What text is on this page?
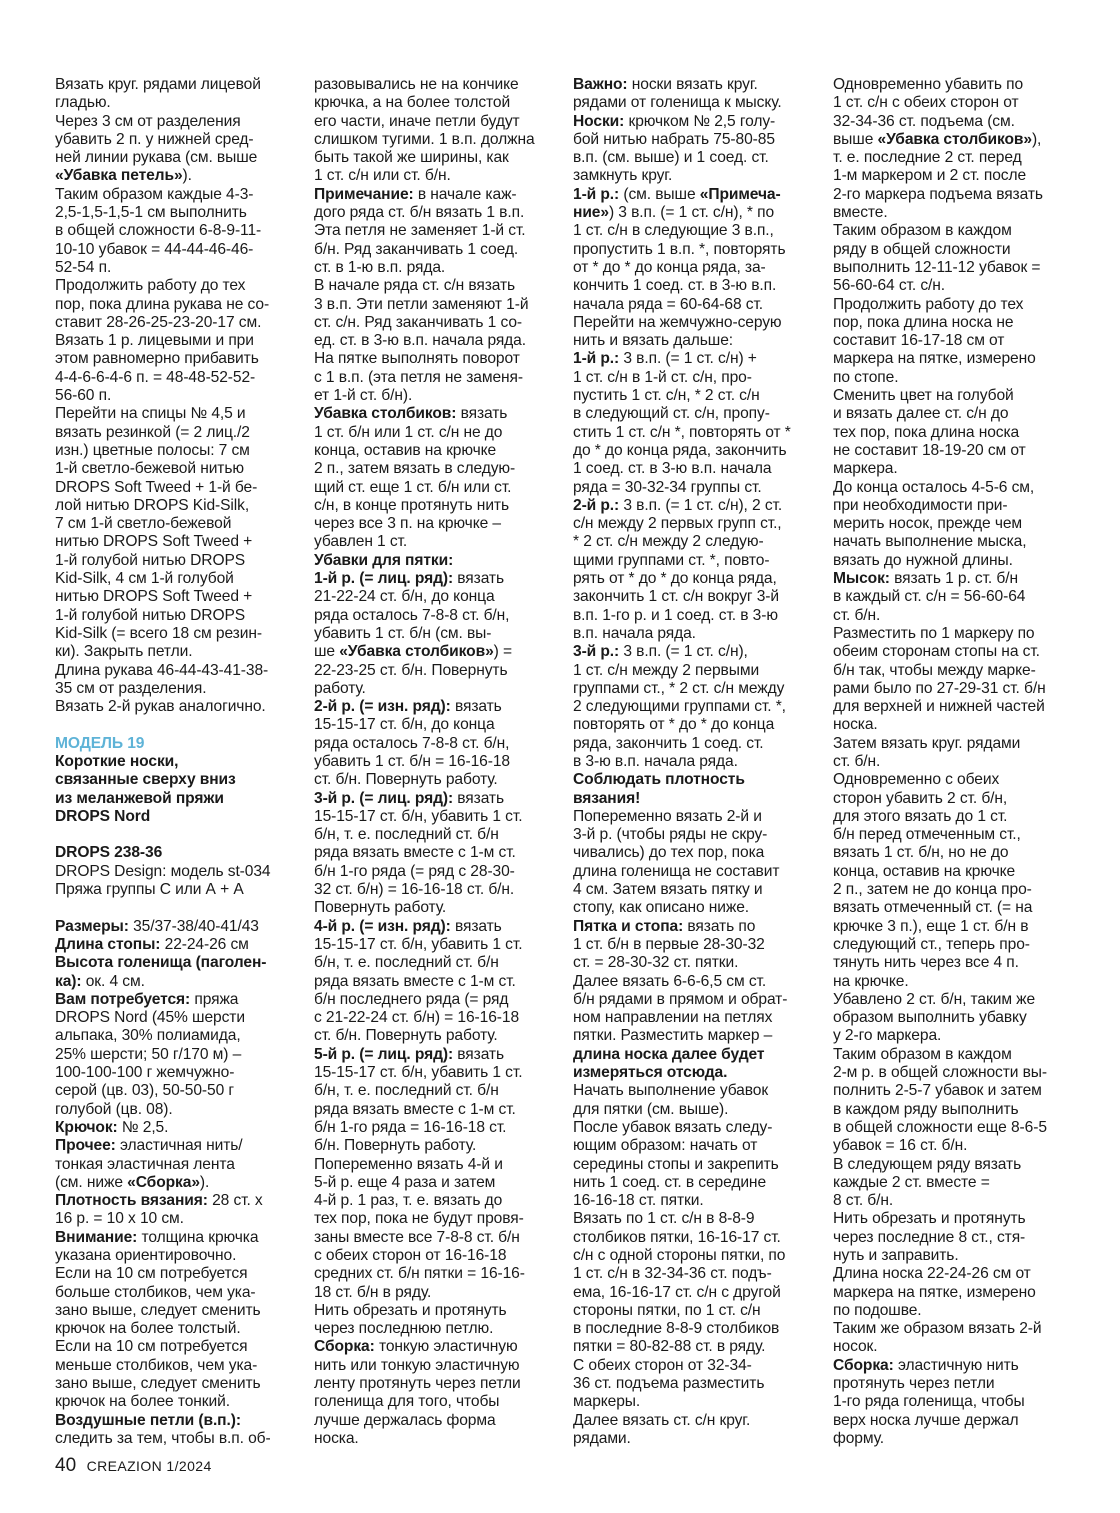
Вязать круг. рядами лицевой
гладью.
Через 3 см от разделения
убавить 2 п. у нижней сред-
ней линии рукава (см. выше
«Убавка петель»).
Таким образом каждые 4-3-
2,5-1,5-1,5-1 см выполнить
в общей сложности 6-8-9-11-
10-10 убавок = 44-44-46-46-
52-54 п.
Продолжить работу до тех
пор, пока длина рукава не со-
ставит 28-26-25-23-20-17 см.
Вязать 1 р. лицевыми и при
этом равномерно прибавить
4-4-6-6-4-6 п. = 48-48-52-52-
56-60 п.
Перейти на спицы № 4,5 и
вязать резинкой (= 2 лиц./2
изн.) цветные полосы: 7 см
1-й светло-бежевой нитью
DROPS Soft Tweed + 1-й бе-
лой нитью DROPS Kid-Silk,
7 см 1-й светло-бежевой
нитью DROPS Soft Tweed +
1-й голубой нитью DROPS
Kid-Silk, 4 см 1-й голубой
нитью DROPS Soft Tweed +
1-й голубой нитью DROPS
Kid-Silk (= всего 18 см резин-
ки). Закрыть петли.
Длина рукава 46-44-43-41-38-
35 см от разделения.
Вязать 2-й рукав аналогично.
МОДЕЛЬ 19
Короткие носки,
связанные сверху вниз
из меланжевой пряжи
DROPS Nord
DROPS 238-36
DROPS Design: модель st-034
Пряжа группы С или А + А
Размеры: 35/37-38/40-41/43
Длина стопы: 22-24-26 см
Высота голенища (паголен-
ка): ок. 4 см.
Вам потребуется: пряжа
DROPS Nord (45% шерсти
альпака, 30% полиамида,
25% шерсти; 50 г/170 м) –
100-100-100 г жемчужно-
серой (цв. 03), 50-50-50 г
голубой (цв. 08).
Крючок: № 2,5.
Прочее: эластичная нить/
тонкая эластичная лента
(см. ниже «Сборка»).
Плотность вязания: 28 ст. х
16 р. = 10 х 10 см.
Внимание: толщина крючка
указана ориентировочно.
Если на 10 см потребуется
больше столбиков, чем ука-
зано выше, следует сменить
крючок на более толстый.
Если на 10 см потребуется
меньше столбиков, чем ука-
зано выше, следует сменить
крючок на более тонкий.
Воздушные петли (в.п.):
следить за тем, чтобы в.п. об-
разовывались не на кончике
крючка, а на более толстой
его части, иначе петли будут
слишком тугими. 1 в.п. должна
быть такой же ширины, как
1 ст. с/н или ст. б/н.
Примечание: в начале каж-
дого ряда ст. б/н вязать 1 в.п.
Эта петля не заменяет 1-й ст.
б/н. Ряд заканчивать 1 соед.
ст. в 1-ю в.п. ряда.
В начале ряда ст. с/н вязать
3 в.п. Эти петли заменяют 1-й
ст. с/н. Ряд заканчивать 1 со-
ед. ст. в 3-ю в.п. начала ряда.
На пятке выполнять поворот
с 1 в.п. (эта петля не заменя-
ет 1-й ст. б/н).
Убавка столбиков: вязать
1 ст. б/н или 1 ст. с/н не до
конца, оставив на крючке
2 п., затем вязать в следую-
щий ст. еще 1 ст. б/н или ст.
с/н, в конце протянуть нить
через все 3 п. на крючке –
убавлен 1 ст.
Убавки для пятки:
1-й р. (= лиц. ряд): вязать
21-22-24 ст. б/н, до конца
ряда осталось 7-8-8 ст. б/н,
убавить 1 ст. б/н (см. вы-
ше «Убавка столбиков») =
22-23-25 ст. б/н. Повернуть
работу.
2-й р. (= изн. ряд): вязать
15-15-17 ст. б/н, до конца
ряда осталось 7-8-8 ст. б/н,
убавить 1 ст. б/н = 16-16-18
ст. б/н. Повернуть работу.
3-й р. (= лиц. ряд): вязать
15-15-17 ст. б/н, убавить 1 ст.
б/н, т. е. последний ст. б/н
ряда вязать вместе с 1-м ст.
б/н 1-го ряда (= ряд с 28-30-
32 ст. б/н) = 16-16-18 ст. б/н.
Повернуть работу.
4-й р. (= изн. ряд): вязать
15-15-17 ст. б/н, убавить 1 ст.
б/н, т. е. последний ст. б/н
ряда вязать вместе с 1-м ст.
б/н последнего ряда (= ряд
с 21-22-24 ст. б/н) = 16-16-18
ст. б/н. Повернуть работу.
5-й р. (= лиц. ряд): вязать
15-15-17 ст. б/н, убавить 1 ст.
б/н, т. е. последний ст. б/н
ряда вязать вместе с 1-м ст.
б/н 1-го ряда = 16-16-18 ст.
б/н. Повернуть работу.
Попеременно вязать 4-й и
5-й р. еще 4 раза и затем
4-й р. 1 раз, т. е. вязать до
тех пор, пока не будут провя-
заны вместе все 7-8-8 ст. б/н
с обеих сторон от 16-16-18
средних ст. б/н пятки = 16-16-
18 ст. б/н в ряду.
Нить обрезать и протянуть
через последнюю петлю.
Сборка: тонкую эластичную
нить или тонкую эластичную
ленту протянуть через петли
голенища для того, чтобы
лучше держалась форма
носка.
Важно: носки вязать круг.
рядами от голенища к мыску.
Носки: крючком № 2,5 голу-
бой нитью набрать 75-80-85
в.п. (см. выше) и 1 соед. ст.
замкнуть круг.
1-й р.: (см. выше «Примеча-
ние») 3 в.п. (= 1 ст. с/н), * по
1 ст. с/н в следующие 3 в.п.,
пропустить 1 в.п. *, повторять
от * до * до конца ряда, за-
кончить 1 соед. ст. в 3-ю в.п.
начала ряда = 60-64-68 ст.
Перейти на жемчужно-серую
нить и вязать дальше:
1-й р.: 3 в.п. (= 1 ст. с/н) +
1 ст. с/н в 1-й ст. с/н, про-
пустить 1 ст. с/н, * 2 ст. с/н
в следующий ст. с/н, пропу-
стить 1 ст. с/н *, повторять от *
до * до конца ряда, закончить
1 соед. ст. в 3-ю в.п. начала
ряда = 30-32-34 группы ст.
2-й р.: 3 в.п. (= 1 ст. с/н), 2 ст.
с/н между 2 первых групп ст.,
* 2 ст. с/н между 2 следую-
щими группами ст. *, повто-
рять от * до * до конца ряда,
закончить 1 ст. с/н вокруг 3-й
в.п. 1-го р. и 1 соед. ст. в 3-ю
в.п. начала ряда.
3-й р.: 3 в.п. (= 1 ст. с/н),
1 ст. с/н между 2 первыми
группами ст., * 2 ст. с/н между
2 следующими группами ст. *,
повторять от * до * до конца
ряда, закончить 1 соед. ст.
в 3-ю в.п. начала ряда.
Соблюдать плотность
вязания!
Попеременно вязать 2-й и
3-й р. (чтобы ряды не скру-
чивались) до тех пор, пока
длина голенища не составит
4 см. Затем вязать пятку и
стопу, как описано ниже.
Пятка и стопа: вязать по
1 ст. б/н в первые 28-30-32
ст. = 28-30-32 ст. пятки.
Далее вязать 6-6-6,5 см ст.
б/н рядами в прямом и обрат-
ном направлении на петлях
пятки. Разместить маркер –
длина носка далее будет
измеряться отсюда.
Начать выполнение убавок
для пятки (см. выше).
После убавок вязать следу-
ющим образом: начать от
середины стопы и закрепить
нить 1 соед. ст. в середине
16-16-18 ст. пятки.
Вязать по 1 ст. с/н в 8-8-9
столбиков пятки, 16-16-17 ст.
с/н с одной стороны пятки, по
1 ст. с/н в 32-34-36 ст. подъ-
ема, 16-16-17 ст. с/н с другой
стороны пятки, по 1 ст. с/н
в последние 8-8-9 столбиков
пятки = 80-82-88 ст. в ряду.
С обеих сторон от 32-34-
36 ст. подъема разместить
маркеры.
Далее вязать ст. с/н круг.
рядами.
Одновременно убавить по
1 ст. с/н с обеих сторон от
32-34-36 ст. подъема (см.
выше «Убавка столбиков»),
т. е. последние 2 ст. перед
1-м маркером и 2 ст. после
2-го маркера подъема вязать
вместе.
Таким образом в каждом
ряду в общей сложности
выполнить 12-11-12 убавок =
56-60-64 ст. с/н.
Продолжить работу до тех
пор, пока длина носка не
составит 16-17-18 см от
маркера на пятке, измерено
по стопе.
Сменить цвет на голубой
и вязать далее ст. с/н до
тех пор, пока длина носка
не составит 18-19-20 см от
маркера.
До конца осталось 4-5-6 см,
при необходимости при-
мерить носок, прежде чем
начать выполнение мыска,
вязать до нужной длины.
Мысок: вязать 1 р. ст. б/н
в каждый ст. с/н = 56-60-64
ст. б/н.
Разместить по 1 маркеру по
обеим сторонам стопы на ст.
б/н так, чтобы между марке-
рами было по 27-29-31 ст. б/н
для верхней и нижней частей
носка.
Затем вязать круг. рядами
ст. б/н.
Одновременно с обеих
сторон убавить 2 ст. б/н,
для этого вязать до 1 ст.
б/н перед отмеченным ст.,
вязать 1 ст. б/н, но не до
конца, оставив на крючке
2 п., затем не до конца про-
вязать отмеченный ст. (= на
крючке 3 п.), еще 1 ст. б/н в
следующий ст., теперь про-
тянуть нить через все 4 п.
на крючке.
Убавлено 2 ст. б/н, таким же
образом выполнить убавку
у 2-го маркера.
Таким образом в каждом
2-м р. в общей сложности вы-
полнить 2-5-7 убавок и затем
в каждом ряду выполнить
в общей сложности еще 8-6-5
убавок = 16 ст. б/н.
В следующем ряду вязать
каждые 2 ст. вместе =
8 ст. б/н.
Нить обрезать и протянуть
через последние 8 ст., стя-
нуть и заправить.
Длина носка 22-24-26 см от
маркера на пятке, измерено
по подошве.
Таким же образом вязать 2-й
носок.
Сборка: эластичную нить
протянуть через петли
1-го ряда голенища, чтобы
верх носка лучше держал
форму.
40 CREAZION 1/2024
